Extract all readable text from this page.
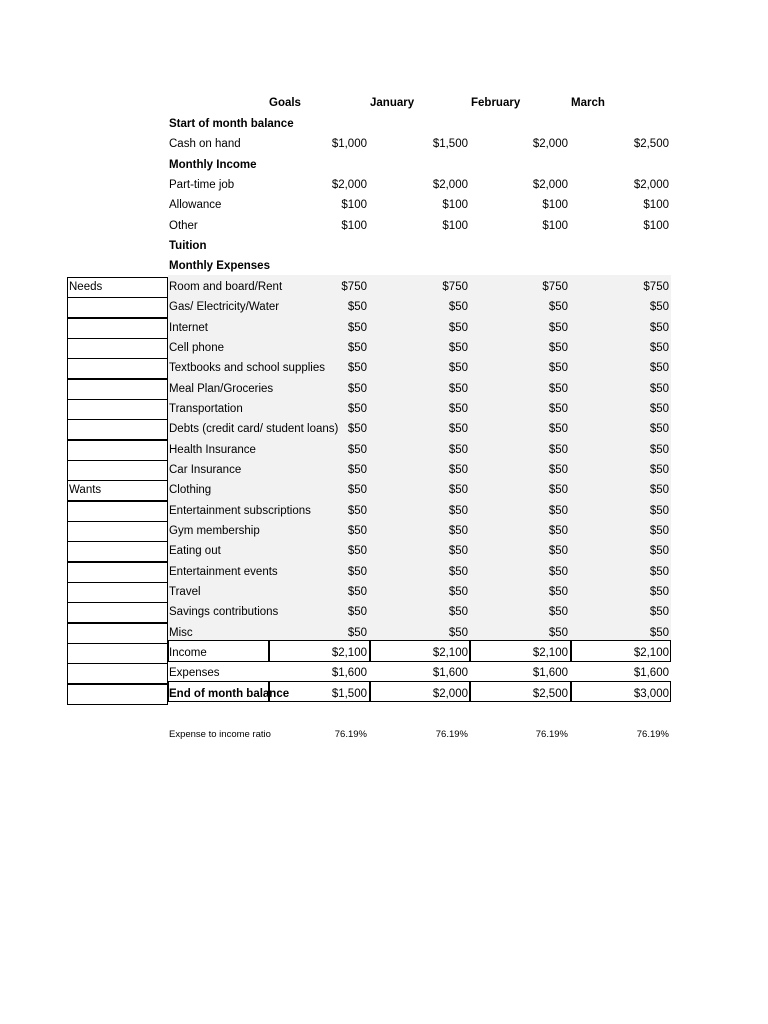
Goals	January	February	March
Start of month balance
Cash on hand	$1,000	$1,500	$2,000	$2,500
Monthly Income
Part-time job	$2,000	$2,000	$2,000	$2,000
Allowance	$100	$100	$100	$100
Other	$100	$100	$100	$100
Tuition
Monthly Expenses
Needs	Room and board/Rent	$750	$750	$750	$750
Gas/ Electricity/Water	$50	$50	$50	$50
Internet	$50	$50	$50	$50
Cell phone	$50	$50	$50	$50
Textbooks and school supplies	$50	$50	$50	$50
Meal Plan/Groceries	$50	$50	$50	$50
Transportation	$50	$50	$50	$50
Debts (credit card/ student loans) $50	$50	$50	$50
Health Insurance	$50	$50	$50	$50
Car Insurance	$50	$50	$50	$50
Wants	Clothing	$50	$50	$50	$50
Entertainment subscriptions	$50	$50	$50	$50
Gym membership	$50	$50	$50	$50
Eating out	$50	$50	$50	$50
Entertainment events	$50	$50	$50	$50
Travel	$50	$50	$50	$50
Savings contributions	$50	$50	$50	$50
Misc	$50	$50	$50	$50
Income	$2,100	$2,100	$2,100	$2,100
Expenses	$1,600	$1,600	$1,600	$1,600
End of month balance	$1,500	$2,000	$2,500	$3,000
Expense to income ratio	76.19%	76.19%	76.19%	76.19%
